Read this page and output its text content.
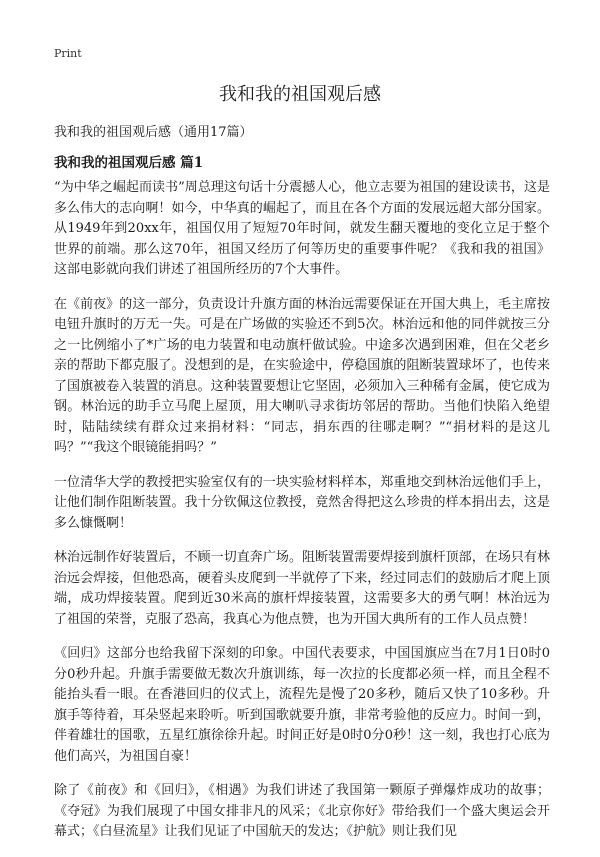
Print
我和我的祖国观后感
我和我的祖国观后感（通用17篇）
我和我的祖国观后感 篇1

“为中华之崛起而读书”周总理这句话十分震撼人心，他立志要为祖国的建设读书，这是多么伟大的志向啊！如今，中华真的崛起了，而且在各个方面的发展远超大部分国家。从1949年到20xx年，祖国仅用了短短70年时间，就发生翻天覆地的变化立足于整个世界的前端。那么这70年，祖国又经历了何等历史的重要事件呢？《我和我的祖国》这部电影就向我们讲述了祖国所经历的7个大事件。

在《前夜》的这一部分，负责设计升旗方面的林治远需要保证在开国大典上，毛主席按电钮升旗时的万无一失。可是在广场做的实验还不到5次。林治远和他的同伴就按三分之一比例缩小了*广场的电力装置和电动旗杆做试验。中途多次遇到困难，但在父老乡亲的帮助下都克服了。没想到的是，在实验途中，停稳国旗的阻断装置球坏了，也传来了国旗被卷入装置的消息。这种装置要想让它坚固，必须加入三种稀有金属，使它成为钢。林治远的助手立马爬上屋顶，用大喇叭寻求街坊邻居的帮助。当他们快陷入绝望时，陆陆续续有群众过来捐材料：“同志，捐东西的往哪走啊？”“捐材料的是这儿吗？”“我这个眼镜能捐吗？”

一位清华大学的教授把实验室仅有的一块实验材料样本，郑重地交到林治远他们手上，让他们制作阻断装置。我十分钦佩这位教授，竟然舍得把这么珍贵的样本捐出去，这是多么慷慨啊！

林治远制作好装置后，不顾一切直奔广场。阻断装置需要焊接到旗杆顶部，在场只有林治远会焊接，但他恐高，硬着头皮爬到一半就停了下来，经过同志们的鼓励后才爬上顶端，成功焊接装置。爬到近30米高的旗杆焊接装置，这需要多大的勇气啊！林治远为了祖国的荣誉，克服了恐高，我真心为他点赞，也为开国大典所有的工作人员点赞！

《回归》这部分也给我留下深刻的印象。中国代表要求，中国国旗应当在7月1日0时0分0秒升起。升旗手需要做无数次升旗训练，每一次拉的长度都必须一样，而且全程不能抬头看一眼。在香港回归的仪式上，流程先是慢了20多秒，随后又快了10多秒。升旗手等待着，耳朵竖起来聆听。听到国歌就要升旗，非常考验他的反应力。时间一到，伴着雄壮的国歌，五星红旗徐徐升起。时间正好是0时0分0秒！这一刻，我也打心底为他们高兴，为祖国自豪！

除了《前夜》和《回归》，《相遇》为我们讲述了我国第一颗原子弹爆炸成功的故事；《夺冠》为我们展现了中国女排非凡的风采；《北京你好》带给我们一个盛大奥运会开幕式；《白昼流星》让我们见证了中国航天的发达；《护航》则让我们见
